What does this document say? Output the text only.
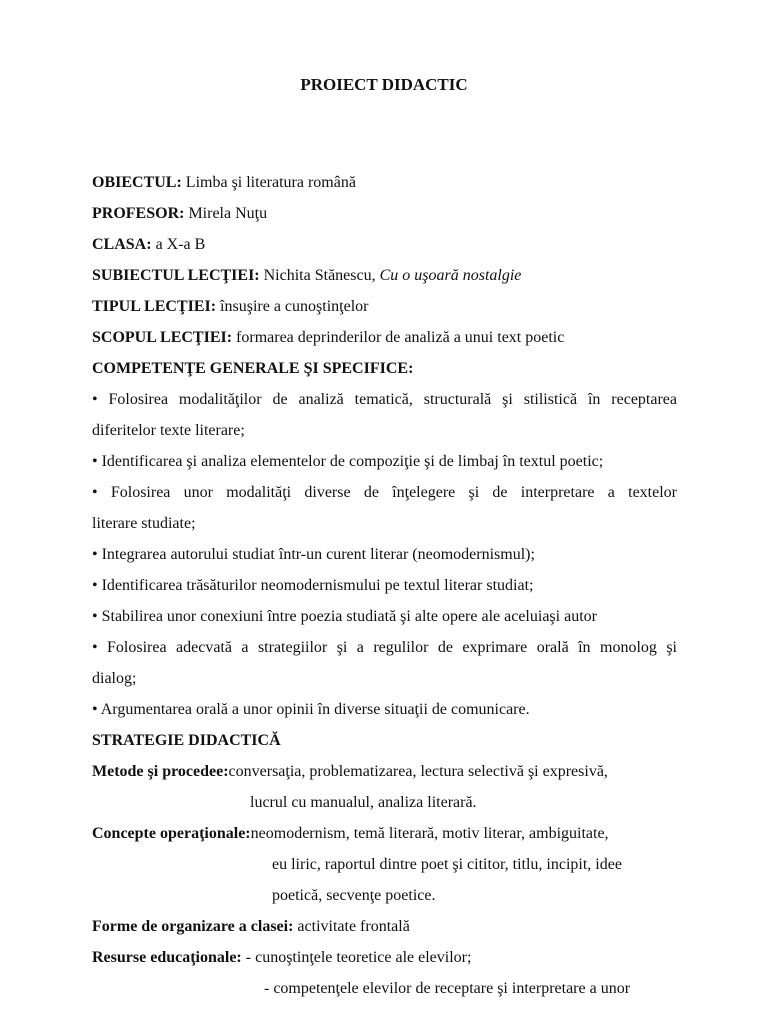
PROIECT DIDACTIC
OBIECTUL: Limba şi literatura română
PROFESOR: Mirela Nuţu
CLASA: a X-a B
SUBIECTUL LECŢIEI: Nichita Stănescu, Cu o uşoară nostalgie
TIPUL LECŢIEI: însuşire a cunoştinţelor
SCOPUL LECŢIEI: formarea deprinderilor de analiză a unui text poetic
COMPETENŢE GENERALE ŞI SPECIFICE:
• Folosirea modalităţilor de analiză tematică, structurală şi stilistică în receptarea
diferitelor texte literare;
• Identificarea şi analiza elementelor de compoziţie şi de limbaj în textul poetic;
• Folosirea unor modalităţi diverse de înţelegere şi de interpretare a textelor
literare studiate;
• Integrarea autorului studiat într-un curent literar (neomodernismul);
• Identificarea trăsăturilor neomodernismului pe textul literar studiat;
• Stabilirea unor conexiuni între poezia studiată şi alte opere ale aceluiaşi autor
• Folosirea adecvată a strategiilor şi a regulilor de exprimare orală în monolog şi
dialog;
• Argumentarea orală a unor opinii în diverse situaţii de comunicare.
STRATEGIE DIDACTICĂ
Metode şi procedee:conversaţia, problematizarea, lectura selectivă şi expresivă,
lucrul cu manualul, analiza literară.
Concepte operaţionale:neomodernism, temă literară, motiv literar, ambiguitate,
eu liric, raportul dintre poet şi cititor, titlu, incipit, idee
poetică, secvenţe poetice.
Forme de organizare a clasei: activitate frontală
Resurse educaţionale: - cunoştinţele teoretice ale elevilor;
- competenţele elevilor de receptare şi interpretare a unor
